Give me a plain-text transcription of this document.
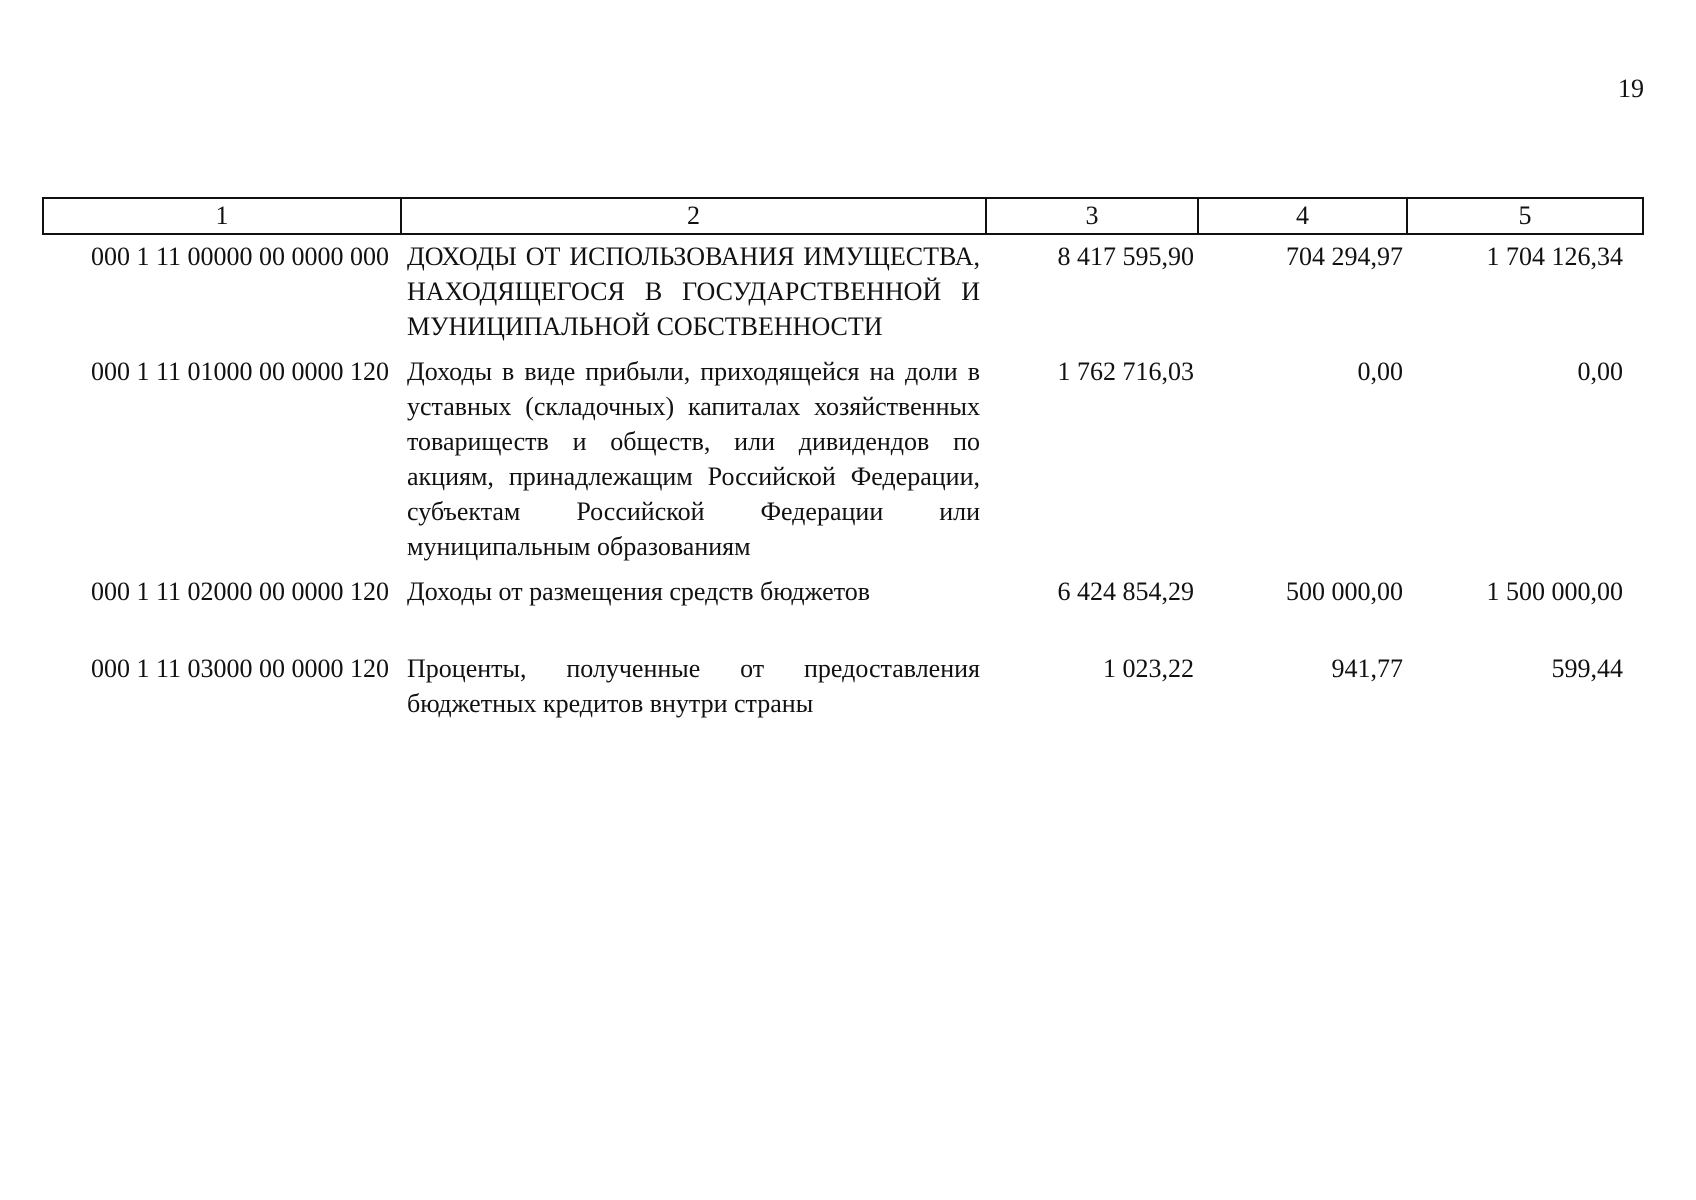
19
1	2	3	4	5
000 1 11 00000 00 0000 000	ДОХОДЫ ОТ ИСПОЛЬЗОВАНИЯ ИМУЩЕСТВА, НАХОДЯЩЕГОСЯ В ГОСУДАРСТВЕННОЙ И МУНИЦИПАЛЬНОЙ СОБСТВЕННОСТИ	8 417 595,90	704 294,97	1 704 126,34
000 1 11 01000 00 0000 120	Доходы в виде прибыли, приходящейся на доли в уставных (складочных) капиталах хозяйственных товариществ и обществ, или дивидендов по акциям, принадлежащим Российской Федерации, субъектам Российской Федерации или муниципальным образованиям	1 762 716,03	0,00	0,00
000 1 11 02000 00 0000 120	Доходы от размещения средств бюджетов	6 424 854,29	500 000,00	1 500 000,00
000 1 11 03000 00 0000 120	Проценты, полученные от предоставления бюджетных кредитов внутри страны	1 023,22	941,77	599,44
